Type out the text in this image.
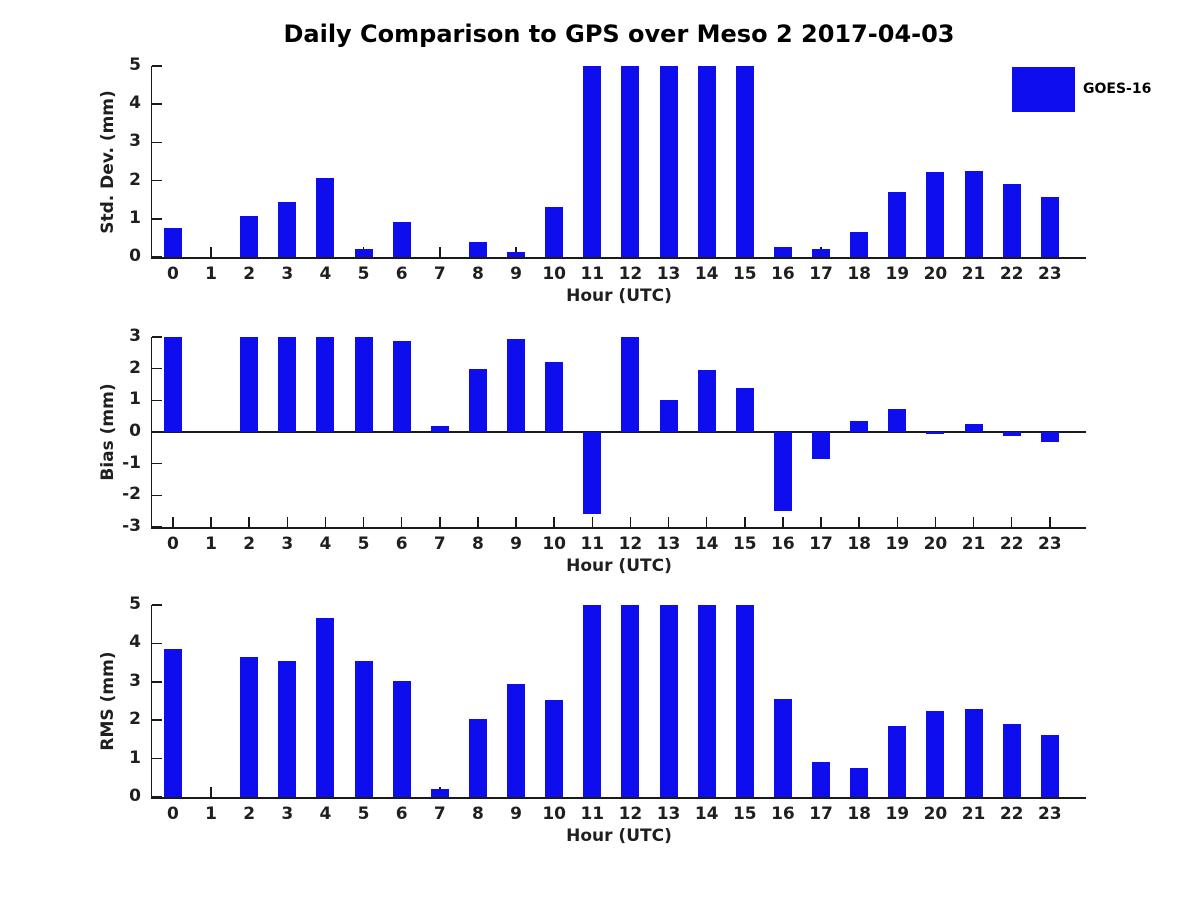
Daily Comparison to GPS over Meso 2 2017-04-03
0
1
2
3
4
5
0	1	2	3	4	5	6	7	8	9	10 11 12 13 14 15 16 17 18 19 20 21 22 23
Hour (UTC)
Std. Dev. (mm)
-3
-2
-1
0
1
2
3
0	1	2	3	4	5	6	7	8	9	10 11 12 13 14 15 16 17 18 19 20 21 22 23
Hour (UTC)
Bias (mm)
0
1
2
3
4
5
0	1	2	3	4	5	6	7	8	9	10 11 12 13 14 15 16 17 18 19 20 21 22 23
Hour (UTC)
RMS (mm)
GOES-16
